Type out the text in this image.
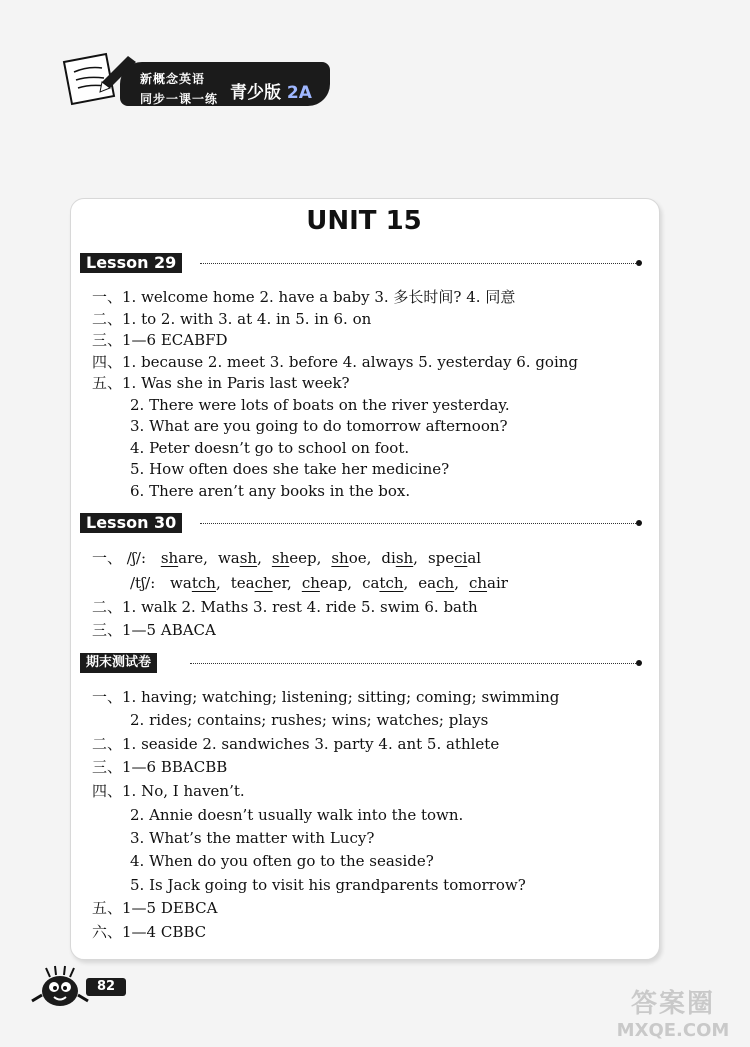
新概念英语
同步一课一练 青少版 2A
UNIT 15
Lesson 29
一、1. welcome home 2. have a baby 3. 多长时间? 4. 同意
二、1. to 2. with 3. at 4. in 5. in 6. on
三、1—6 ECABFD
四、1. because 2. meet 3. before 4. always 5. yesterday 6. going
五、1. Was she in Paris last week?
2. There were lots of boats on the river yesterday.
3. What are you going to do tomorrow afternoon?
4. Peter doesn’t go to school on foot.
5. How often does she take her medicine?
6. There aren’t any books in the box.
Lesson 30
一、 /ʃ/: share, wash, sheep, shoe, dish, special
/tʃ/: watch, teacher, cheap, catch, each, chair
二、1. walk 2. Maths 3. rest 4. ride 5. swim 6. bath
三、1—5 ABACA
期末测试卷
一、1. having; watching; listening; sitting; coming; swimming
2. rides; contains; rushes; wins; watches; plays
二、1. seaside 2. sandwiches 3. party 4. ant 5. athlete
三、1—6 BBACBB
四、1. No, I haven’t.
2. Annie doesn’t usually walk into the town.
3. What’s the matter with Lucy?
4. When do you often go to the seaside?
5. Is Jack going to visit his grandparents tomorrow?
五、1—5 DEBCA
六、1—4 CBBC
82
答案圈
MXQE.COM
